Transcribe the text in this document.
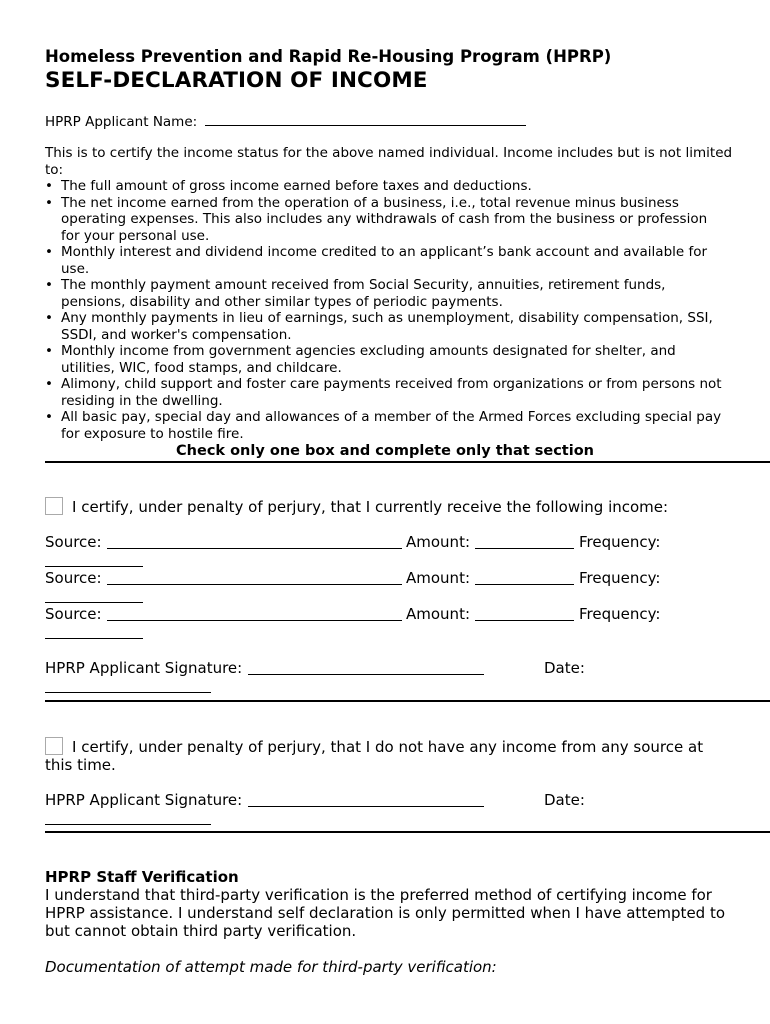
Homeless Prevention and Rapid Re-Housing Program (HPRP)
SELF-DECLARATION OF INCOME
HPRP Applicant Name:
This is to certify the income status for the above named individual. Income includes but is not limited to:
• The full amount of gross income earned before taxes and deductions.
• The net income earned from the operation of a business, i.e., total revenue minus business operating expenses. This also includes any withdrawals of cash from the business or profession for your personal use.
• Monthly interest and dividend income credited to an applicant’s bank account and available for use.
• The monthly payment amount received from Social Security, annuities, retirement funds, pensions, disability and other similar types of periodic payments.
• Any monthly payments in lieu of earnings, such as unemployment, disability compensation, SSI, SSDI, and worker's compensation.
• Monthly income from government agencies excluding amounts designated for shelter, and utilities, WIC, food stamps, and childcare.
• Alimony, child support and foster care payments received from organizations or from persons not residing in the dwelling.
• All basic pay, special day and allowances of a member of the Armed Forces excluding special pay for exposure to hostile fire.
Check only one box and complete only that section
I certify, under penalty of perjury, that I currently receive the following income:
Source:	Amount:	Frequency:
Source:	Amount:	Frequency:
Source:	Amount:	Frequency:
HPRP Applicant Signature:	Date:
I certify, under penalty of perjury, that I do not have any income from any source at this time.
HPRP Applicant Signature:	Date:
HPRP Staff Verification
I understand that third-party verification is the preferred method of certifying income for HPRP assistance. I understand self declaration is only permitted when I have attempted to but cannot obtain third party verification.
Documentation of attempt made for third-party verification:
